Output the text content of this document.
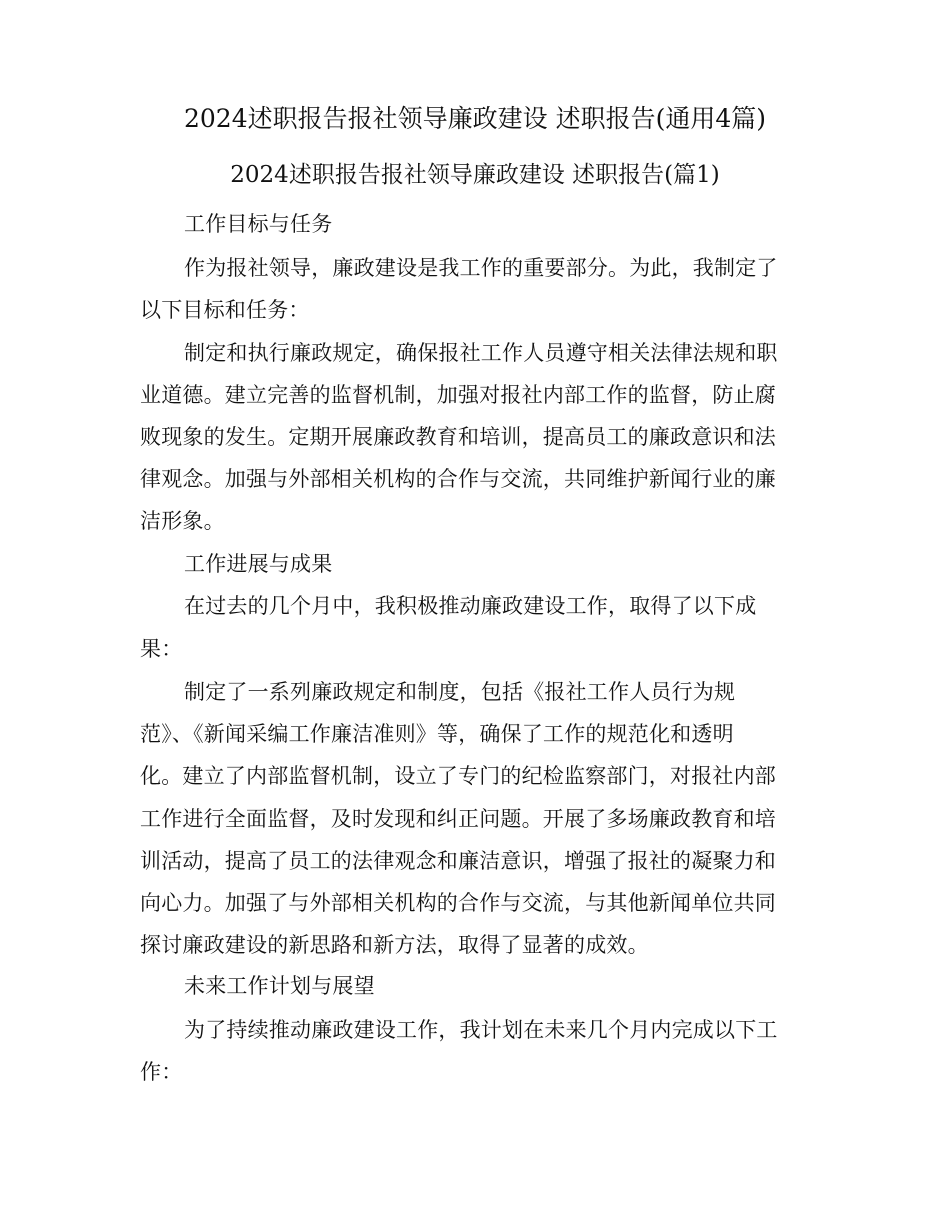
2024述职报告报社领导廉政建设 述职报告(通用4篇)
2024述职报告报社领导廉政建设 述职报告(篇1)
工作目标与任务
作为报社领导，廉政建设是我工作的重要部分。为此，我制定了
以下目标和任务：
制定和执行廉政规定，确保报社工作人员遵守相关法律法规和职
业道德。建立完善的监督机制，加强对报社内部工作的监督，防止腐
败现象的发生。定期开展廉政教育和培训，提高员工的廉政意识和法
律观念。加强与外部相关机构的合作与交流，共同维护新闻行业的廉
洁形象。
工作进展与成果
在过去的几个月中，我积极推动廉政建设工作，取得了以下成
果：
制定了一系列廉政规定和制度，包括《报社工作人员行为规
范》、《新闻采编工作廉洁准则》等，确保了工作的规范化和透明
化。建立了内部监督机制，设立了专门的纪检监察部门，对报社内部
工作进行全面监督，及时发现和纠正问题。开展了多场廉政教育和培
训活动，提高了员工的法律观念和廉洁意识，增强了报社的凝聚力和
向心力。加强了与外部相关机构的合作与交流，与其他新闻单位共同
探讨廉政建设的新思路和新方法，取得了显著的成效。
未来工作计划与展望
为了持续推动廉政建设工作，我计划在未来几个月内完成以下工
作：
